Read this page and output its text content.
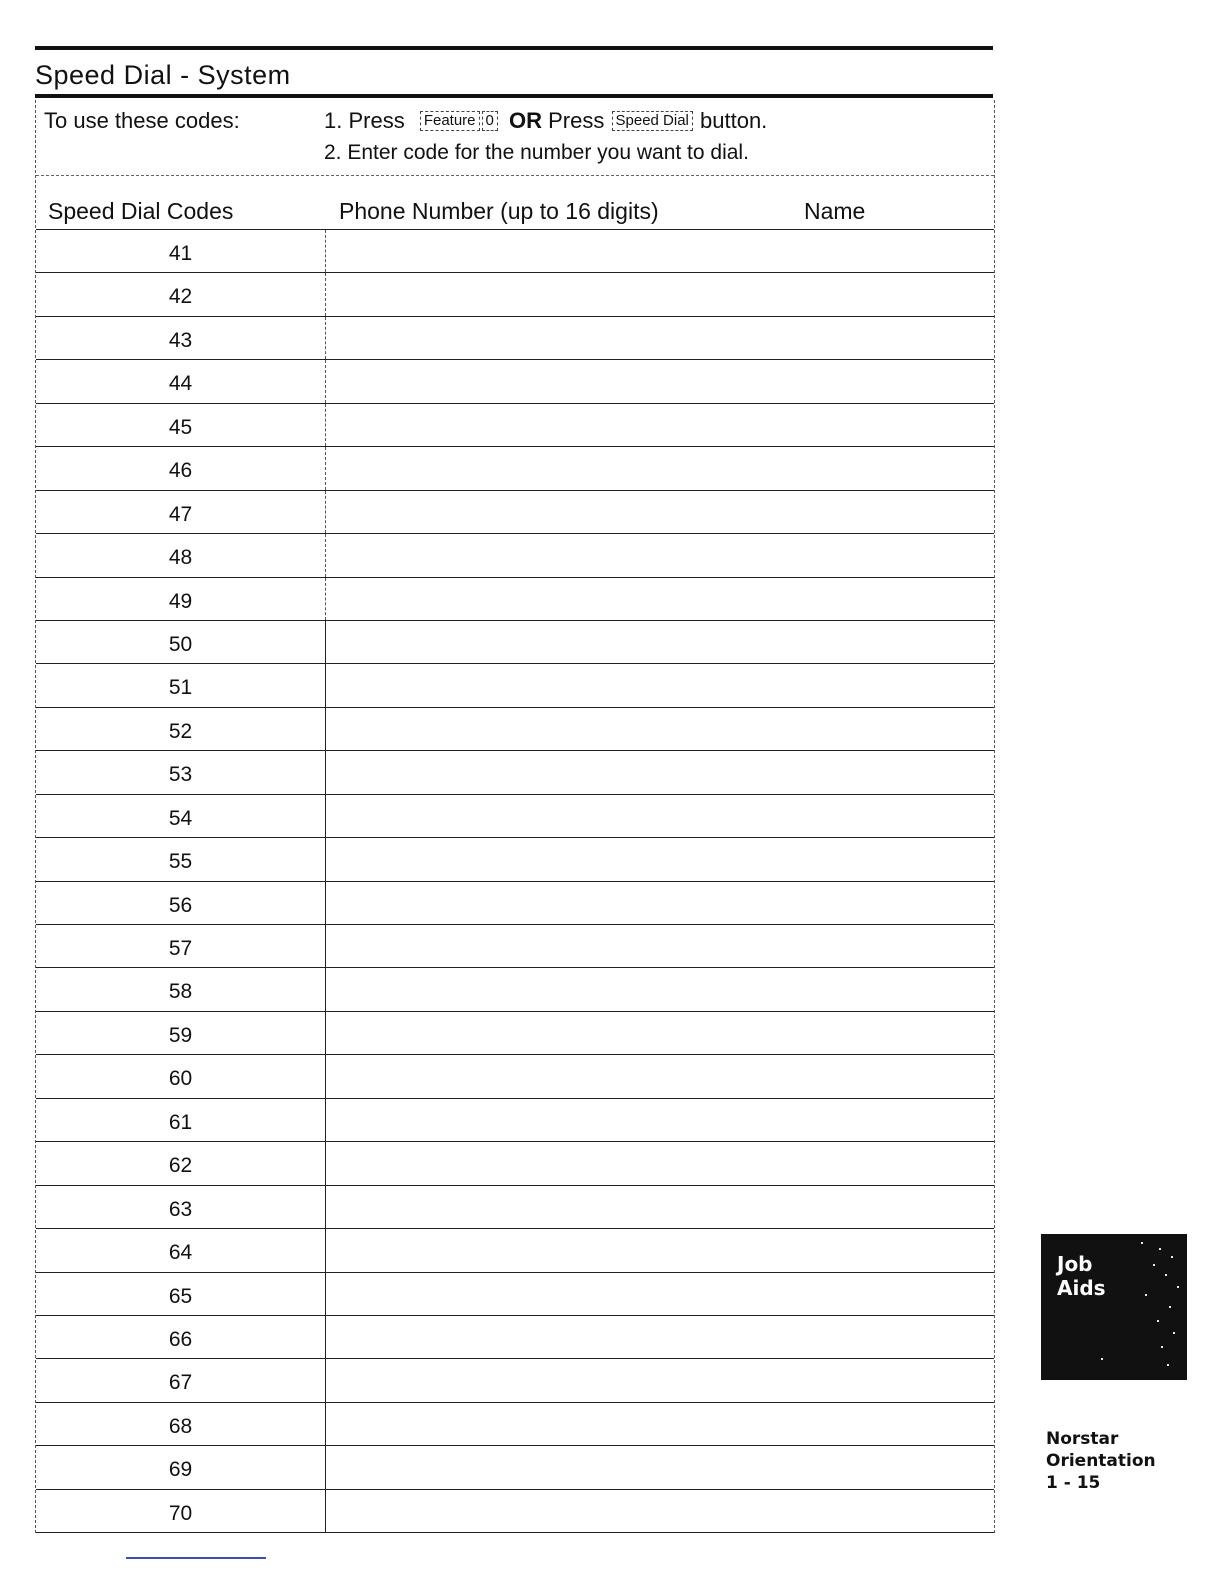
Speed Dial - System
To use these codes:	1. Press Feature 0 OR Press Speed Dial button.
2. Enter code for the number you want to dial.
Speed Dial Codes	Phone Number (up to 16 digits)	Name
41
42
43
44
45
46
47
48
49
50
51
52
53
54
55
56
57
58
59
60
61
62
63
64
65
66
67
68
69
70
Job Aids
Norstar
Orientation
1 - 15
